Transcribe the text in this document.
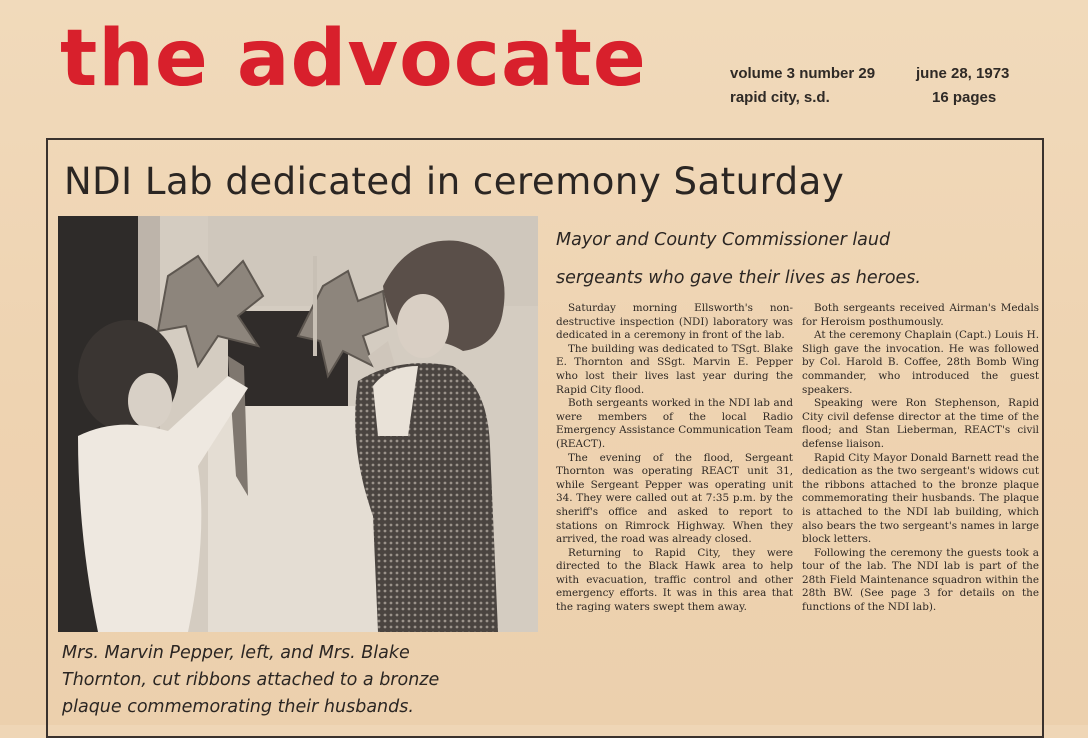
the advocate	volume 3 number 29
rapid city, s.d.
june 28, 1973
16 pages
NDI Lab dedicated in ceremony Saturday
Mrs. Marvin Pepper, left, and Mrs. Blake
Thornton, cut ribbons attached to a bronze
plaque commemorating their husbands.
Mayor and County Commissioner laud
sergeants who gave their lives as heroes.

Saturday morning Ellsworth's non-destructive inspection (NDI) laboratory was dedicated in a ceremony in front of the lab.

The building was dedicated to TSgt. Blake E. Thornton and SSgt. Marvin E. Pepper who lost their lives last year during the Rapid City flood.

Both sergeants worked in the NDI lab and were members of the local Radio Emergency Assistance Communication Team (REACT).

The evening of the flood, Sergeant Thornton was operating REACT unit 31, while Sergeant Pepper was operating unit 34. They were called out at 7:35 p.m. by the sheriff's office and asked to report to stations on Rimrock Highway. When they arrived, the road was already closed.

Returning to Rapid City, they were directed to the Black Hawk area to help with evacuation, traffic control and other emergency efforts. It was in this area that the raging waters swept them away.

Both sergeants received Airman's Medals for Heroism posthumously.

At the ceremony Chaplain (Capt.) Louis H. Sligh gave the invocation. He was followed by Col. Harold B. Coffee, 28th Bomb Wing commander, who introduced the guest speakers.

Speaking were Ron Stephenson, Rapid City civil defense director at the time of the flood; and Stan Lieberman, REACT's civil defense liaison.

Rapid City Mayor Donald Barnett read the dedication as the two sergeant's widows cut the ribbons attached to the bronze plaque commemorating their husbands. The plaque is attached to the NDI lab building, which also bears the two sergeant's names in large block letters.

Following the ceremony the guests took a tour of the lab. The NDI lab is part of the 28th Field Maintenance squadron within the 28th BW. (See page 3 for details on the functions of the NDI lab).
